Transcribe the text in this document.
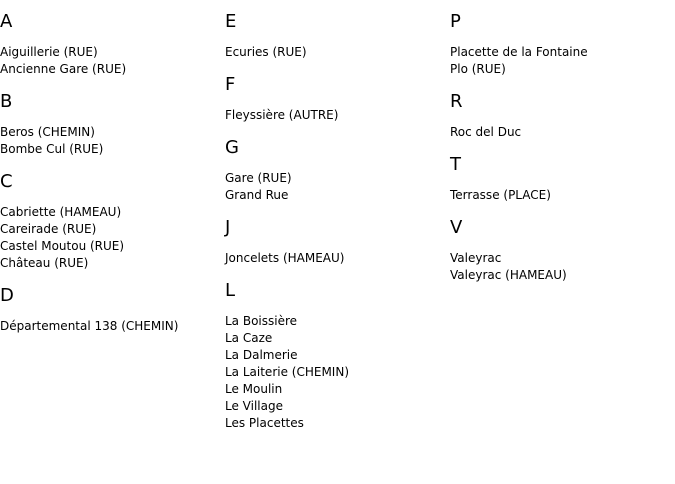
A
Aiguillerie (RUE)
Ancienne Gare (RUE)
B
Beros (CHEMIN)
Bombe Cul (RUE)
C
Cabriette (HAMEAU)
Careirade (RUE)
Castel Moutou (RUE)
Château (RUE)
D
Départemental 138 (CHEMIN)
E
Ecuries (RUE)
F
Fleyssière (AUTRE)
G
Gare (RUE)
Grand Rue
J
Joncelets (HAMEAU)
L
La Boissière
La Caze
La Dalmerie
La Laiterie (CHEMIN)
Le Moulin
Le Village
Les Placettes
P
Placette de la Fontaine
Plo (RUE)
R
Roc del Duc
T
Terrasse (PLACE)
V
Valeyrac
Valeyrac (HAMEAU)
